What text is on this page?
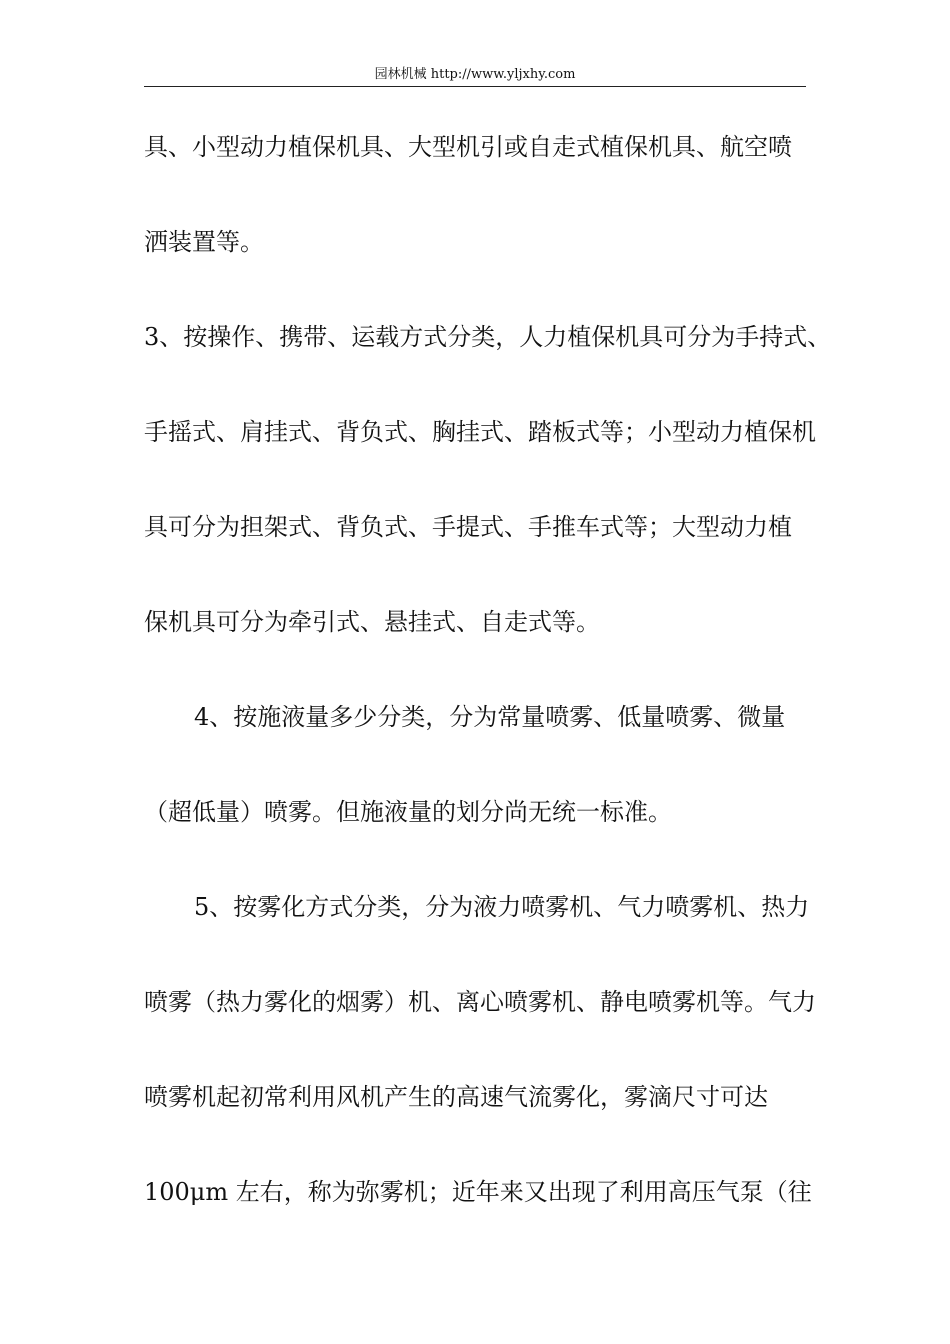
园林机械 http://www.yljxhy.com
具、小型动力植保机具、大型机引或自走式植保机具、航空喷
洒装置等。
3、按操作、携带、运载方式分类，人力植保机具可分为手持式、
手摇式、肩挂式、背负式、胸挂式、踏板式等；小型动力植保机
具可分为担架式、背负式、手提式、手推车式等；大型动力植
保机具可分为牵引式、悬挂式、自走式等。
4、按施液量多少分类，分为常量喷雾、低量喷雾、微量
（超低量）喷雾。但施液量的划分尚无统一标准。
5、按雾化方式分类，分为液力喷雾机、气力喷雾机、热力
喷雾（热力雾化的烟雾）机、离心喷雾机、静电喷雾机等。气力
喷雾机起初常利用风机产生的高速气流雾化，雾滴尺寸可达
100μm 左右，称为弥雾机；近年来又出现了利用高压气泵（往
